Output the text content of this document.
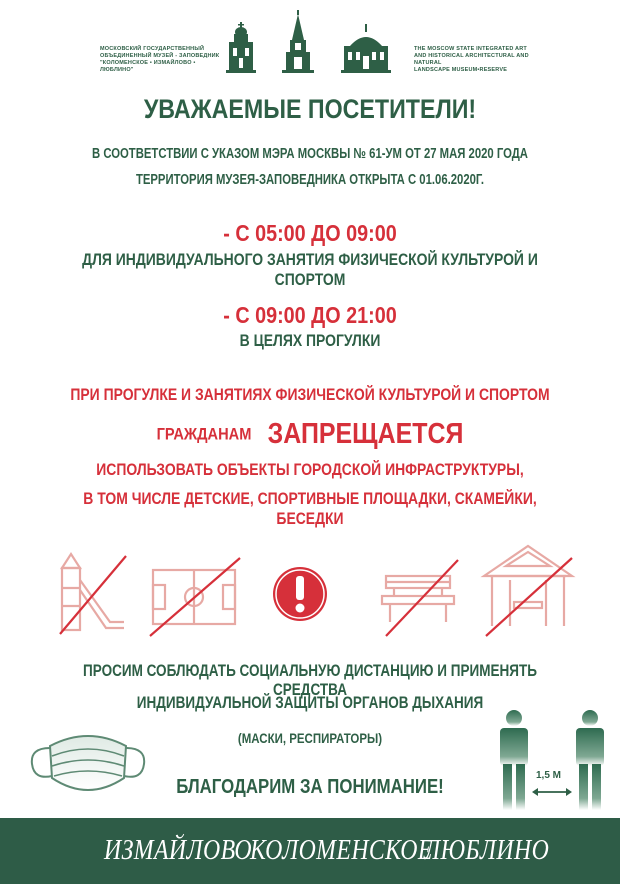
МОСКОВСКИЙ ГОСУДАРСТВЕННЫЙ
ОБЪЕДИНЕННЫЙ МУЗЕЙ - ЗАПОВЕДНИК
"КОЛОМЕНСКОЕ • ИЗМАЙЛОВО • ЛЮБЛИНО"
THE MOSCOW STATE INTEGRATED ART
AND HISTORICAL ARCHITECTURAL AND NATURAL
LANDSCAPE MUSEUM•RESERVE
УВАЖАЕМЫЕ ПОСЕТИТЕЛИ!
В СООТВЕТСТВИИ С УКАЗОМ МЭРА МОСКВЫ № 61-УМ ОТ 27 МАЯ 2020 ГОДА
ТЕРРИТОРИЯ МУЗЕЯ-ЗАПОВЕДНИКА ОТКРЫТА С 01.06.2020Г.
- С 05:00 ДО 09:00
ДЛЯ ИНДИВИДУАЛЬНОГО ЗАНЯТИЯ ФИЗИЧЕСКОЙ КУЛЬТУРОЙ И СПОРТОМ
- С 09:00 ДО 21:00
В ЦЕЛЯХ ПРОГУЛКИ
ПРИ ПРОГУЛКЕ И ЗАНЯТИЯХ ФИЗИЧЕСКОЙ КУЛЬТУРОЙ И СПОРТОМ
ГРАЖДАНАМ ЗАПРЕЩАЕТСЯ
ИСПОЛЬЗОВАТЬ ОБЪЕКТЫ ГОРОДСКОЙ ИНФРАСТРУКТУРЫ,
В ТОМ ЧИСЛЕ ДЕТСКИЕ, СПОРТИВНЫЕ ПЛОЩАДКИ, СКАМЕЙКИ, БЕСЕДКИ
ПРОСИМ СОБЛЮДАТЬ СОЦИАЛЬНУЮ ДИСТАНЦИЮ И ПРИМЕНЯТЬ СРЕДСТВА
ИНДИВИДУАЛЬНОЙ ЗАЩИТЫ ОРГАНОВ ДЫХАНИЯ
(МАСКИ, РЕСПИРАТОРЫ)
1,5 М
БЛАГОДАРИМ ЗА ПОНИМАНИЕ!
ИЗМАЙЛОВО
КОЛОМЕНСКОЕ
ЛЮБЛИНО
